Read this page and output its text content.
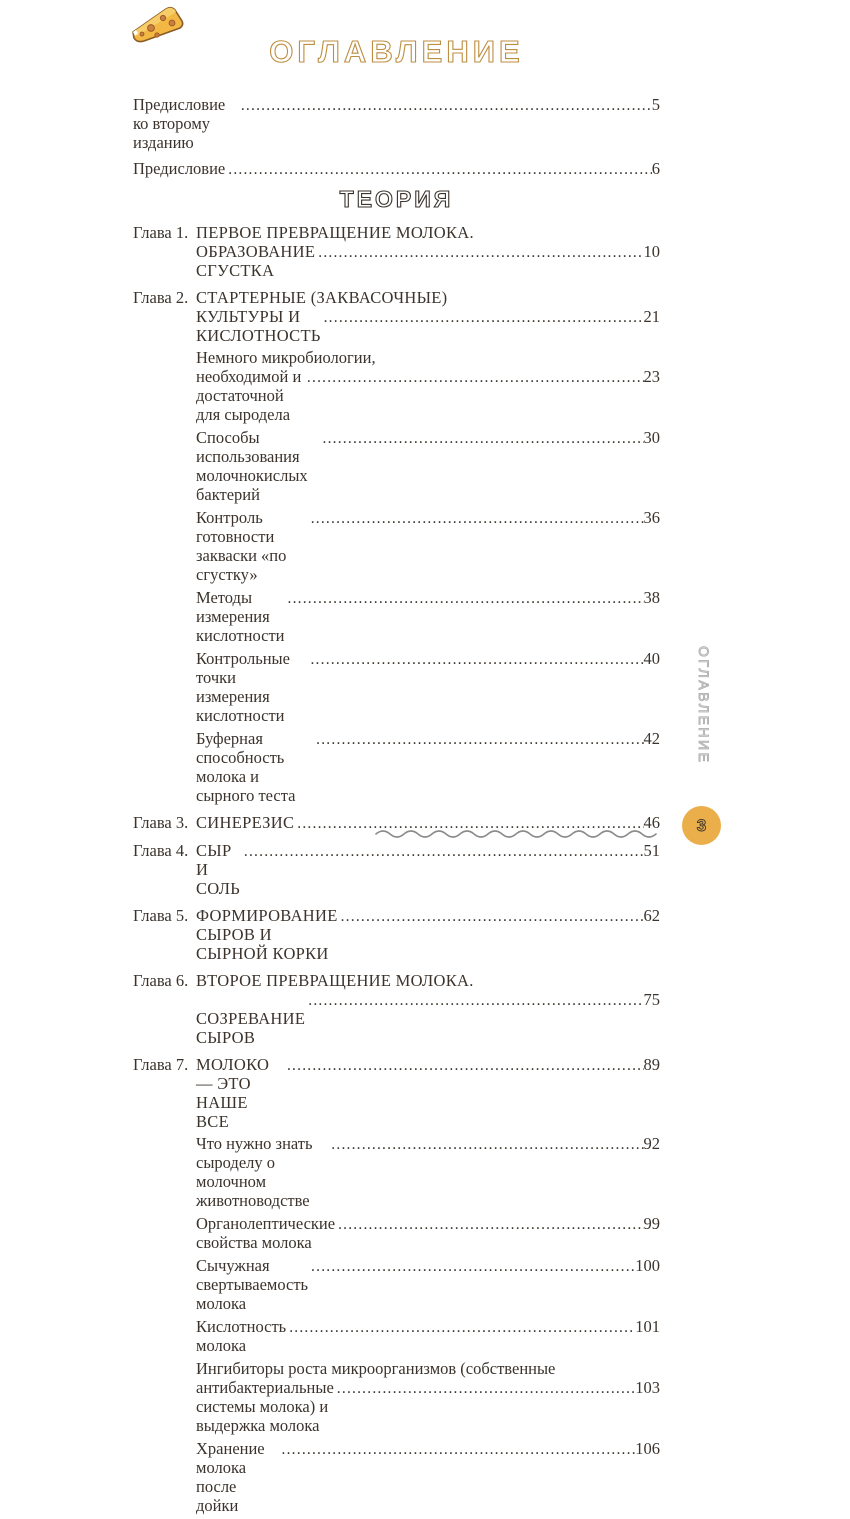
ОГЛАВЛЕНИЕ
Предисловие ко второму изданию
.....
5
Предисловие .....	6
ТЕОРИЯ
Глава 1. ПЕРВОЕ ПРЕВРАЩЕНИЕ МОЛОКА.
ОБРАЗОВАНИЕ СГУСТКА
.....
10
Глава 2. СТАРТЕРНЫЕ (ЗАКВАСОЧНЫЕ)
КУЛЬТУРЫ И КИСЛОТНОСТЬ
.....
21
Немного микробиологии,
необходимой и достаточной для сыродела
.....
23
Способы использования молочнокислых бактерий
.....
30
Контроль готовности закваски «по сгустку»
.....
36
Методы измерения кислотности
.....
38
Контрольные точки измерения кислотности
.....
40
Буферная способность молока и сырного теста
.....
42
Глава 3. СИНЕРЕЗИС .....	46
Глава 4. СЫР И СОЛЬ
.....
51
Глава 5. ФОРМИРОВАНИЕ СЫРОВ И СЫРНОЙ КОРКИ
.....
62
Глава 6. ВТОРОЕ ПРЕВРАЩЕНИЕ МОЛОКА.
СОЗРЕВАНИЕ СЫРОВ
.....
75
Глава 7. МОЛОКО — ЭТО НАШЕ ВСЕ
.....
89
Что нужно знать сыроделу о молочном животноводстве
.....
92
Органолептические свойства молока
.....
99
Сычужная свертываемость молока
.....
100
Кислотность молока
.....
101
Ингибиторы роста микроорганизмов (собственные
антибактериальные системы молока) и выдержка молока
.....
103
Хранение молока после дойки
.....
106
ОГЛАВЛЕНИЕ
3
